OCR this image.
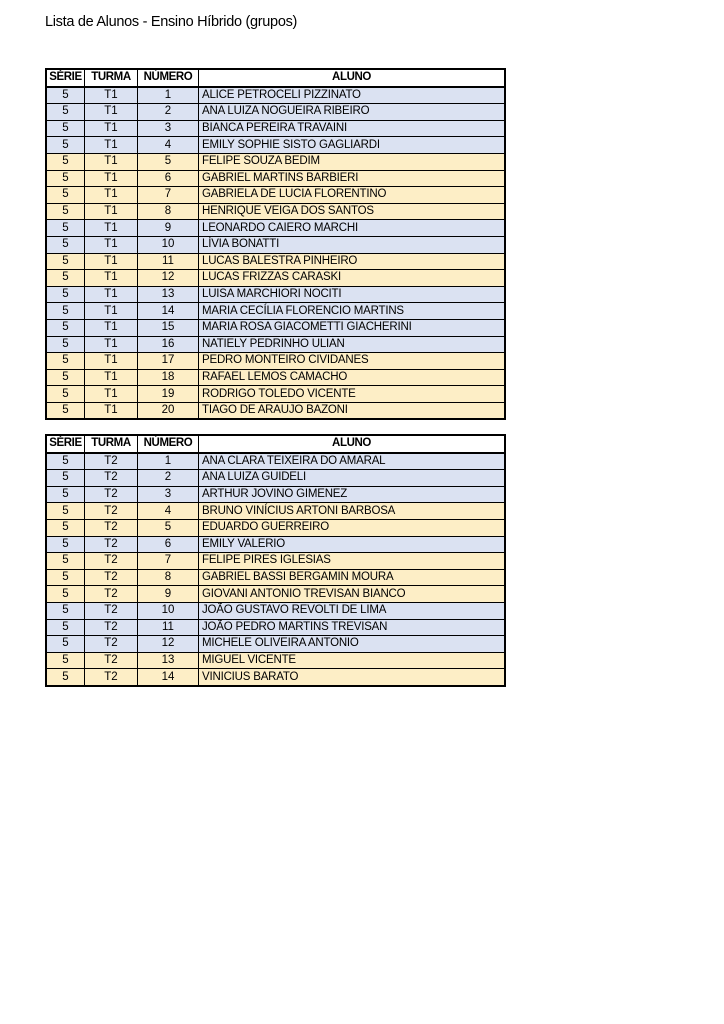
Lista de Alunos - Ensino Híbrido (grupos)
SÉRIE	TURMA	NÚMERO	ALUNO
5	T1	1	ALICE PETROCELI PIZZINATO
5	T1	2	ANA LUIZA NOGUEIRA RIBEIRO
5	T1	3	BIANCA PEREIRA TRAVAINI
5	T1	4	EMILY SOPHIE SISTO GAGLIARDI
5	T1	5	FELIPE SOUZA BEDIM
5	T1	6	GABRIEL MARTINS BARBIERI
5	T1	7	GABRIELA DE LUCIA FLORENTINO
5	T1	8	HENRIQUE VEIGA DOS SANTOS
5	T1	9	LEONARDO CAIERO MARCHI
5	T1	10	LÍVIA BONATTI
5	T1	11	LUCAS BALESTRA PINHEIRO
5	T1	12	LUCAS FRIZZAS CARASKI
5	T1	13	LUISA MARCHIORI NOCITI
5	T1	14	MARIA CECÍLIA FLORENCIO MARTINS
5	T1	15	MARIA ROSA GIACOMETTI GIACHERINI
5	T1	16	NATIELY PEDRINHO ULIAN
5	T1	17	PEDRO MONTEIRO CIVIDANES
5	T1	18	RAFAEL LEMOS CAMACHO
5	T1	19	RODRIGO TOLEDO VICENTE
5	T1	20	TIAGO DE ARAUJO BAZONI
SÉRIE	TURMA	NÚMERO	ALUNO
5	T2	1	ANA CLARA TEIXEIRA DO AMARAL
5	T2	2	ANA LUIZA GUIDELI
5	T2	3	ARTHUR JOVINO GIMENEZ
5	T2	4	BRUNO VINÍCIUS ARTONI BARBOSA
5	T2	5	EDUARDO GUERREIRO
5	T2	6	EMILY VALERIO
5	T2	7	FELIPE PIRES IGLESIAS
5	T2	8	GABRIEL BASSI BERGAMIN MOURA
5	T2	9	GIOVANI ANTONIO TREVISAN BIANCO
5	T2	10	JOÃO GUSTAVO REVOLTI DE LIMA
5	T2	11	JOÃO PEDRO MARTINS TREVISAN
5	T2	12	MICHELE OLIVEIRA ANTONIO
5	T2	13	MIGUEL VICENTE
5	T2	14	VINICIUS BARATO
